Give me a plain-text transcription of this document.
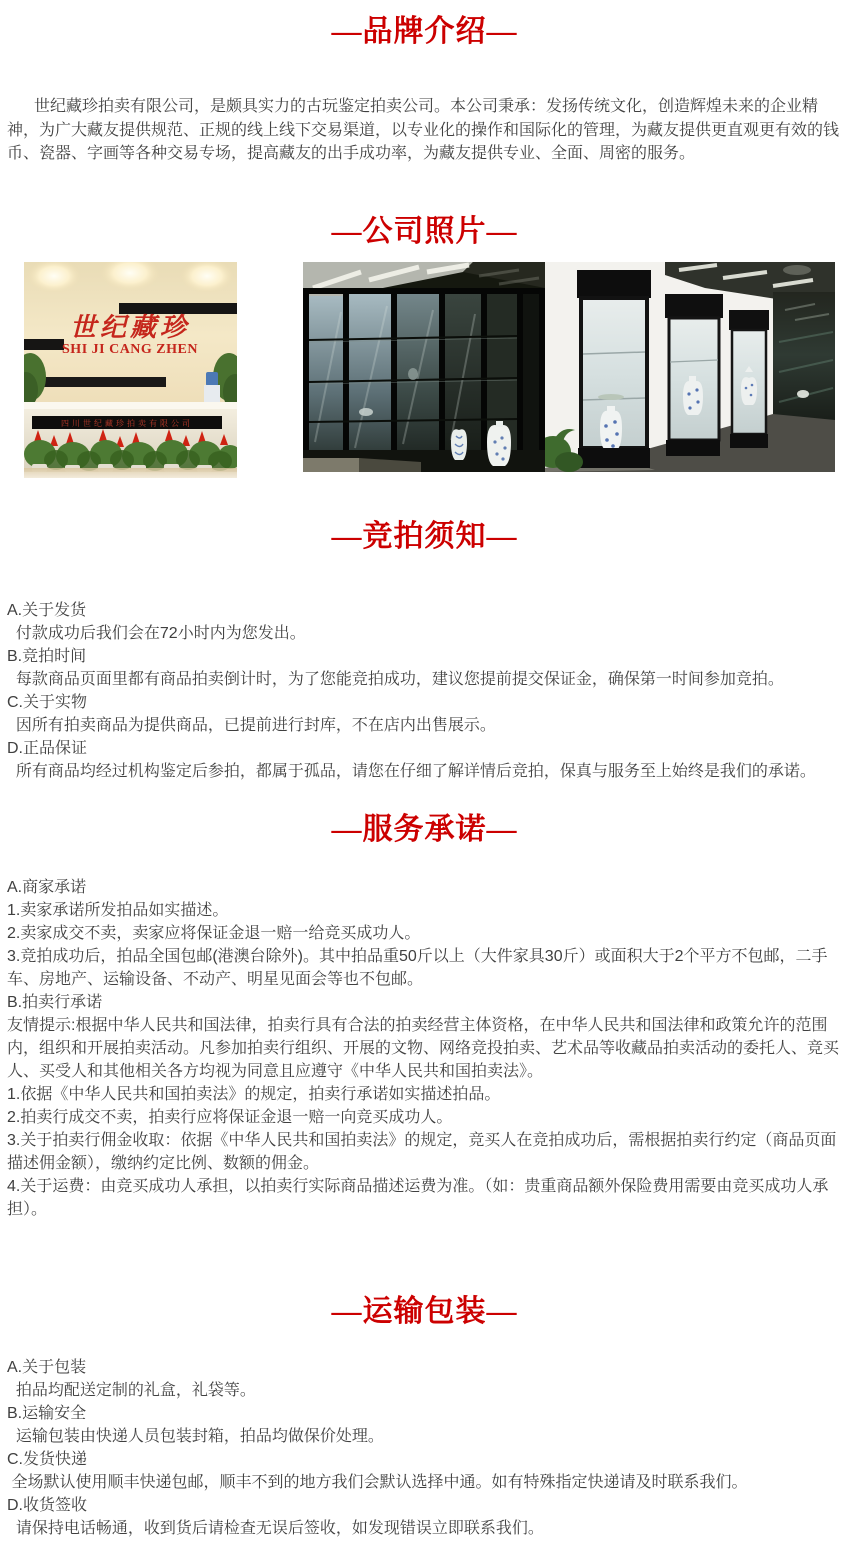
—品牌介绍—

世纪藏珍拍卖有限公司，是颇具实力的古玩鉴定拍卖公司。本公司秉承：发扬传统文化，创造辉煌未来的企业精神，为广大藏友提供规范、正规的线上线下交易渠道，以专业化的操作和国际化的管理，为藏友提供更直观更有效的钱币、瓷器、字画等各种交易专场，提高藏友的出手成功率，为藏友提供专业、全面、周密的服务。

—公司照片—
世纪藏珍
SHI JI CANG ZHEN
四川世纪藏珍拍卖有限公司
—竞拍须知—
A.关于发货
付款成功后我们会在72小时内为您发出。
B.竞拍时间
每款商品页面里都有商品拍卖倒计时，为了您能竞拍成功，建议您提前提交保证金，确保第一时间参加竞拍。
C.关于实物
因所有拍卖商品为提供商品，已提前进行封库，不在店内出售展示。
D.正品保证
所有商品均经过机构鉴定后参拍，都属于孤品，请您在仔细了解详情后竞拍，保真与服务至上始终是我们的承诺。
—服务承诺—
A.商家承诺
1.卖家承诺所发拍品如实描述。
2.卖家成交不卖，卖家应将保证金退一赔一给竞买成功人。
3.竞拍成功后，拍品全国包邮(港澳台除外)。其中拍品重50斤以上（大件家具30斤）或面积大于2个平方不包邮，二手车、房地产、运输设备、不动产、明星见面会等也不包邮。
B.拍卖行承诺
友情提示:根据中华人民共和国法律，拍卖行具有合法的拍卖经营主体资格，在中华人民共和国法律和政策允许的范围内，组织和开展拍卖活动。凡参加拍卖行组织、开展的文物、网络竞投拍卖、艺术品等收藏品拍卖活动的委托人、竞买人、买受人和其他相关各方均视为同意且应遵守《中华人民共和国拍卖法》。
1.依据《中华人民共和国拍卖法》的规定，拍卖行承诺如实描述拍品。
2.拍卖行成交不卖，拍卖行应将保证金退一赔一向竞买成功人。
3.关于拍卖行佣金收取：依据《中华人民共和国拍卖法》的规定，竞买人在竞拍成功后，需根据拍卖行约定（商品页面描述佣金额），缴纳约定比例、数额的佣金。
4.关于运费：由竞买成功人承担，以拍卖行实际商品描述运费为准。（如：贵重商品额外保险费用需要由竞买成功人承担）。
—运输包装—
A.关于包装
拍品均配送定制的礼盒，礼袋等。
B.运输安全
运输包装由快递人员包装封箱，拍品均做保价处理。
C.发货快递
全场默认使用顺丰快递包邮，顺丰不到的地方我们会默认选择中通。如有特殊指定快递请及时联系我们。
D.收货签收
请保持电话畅通，收到货后请检查无误后签收，如发现错误立即联系我们。
